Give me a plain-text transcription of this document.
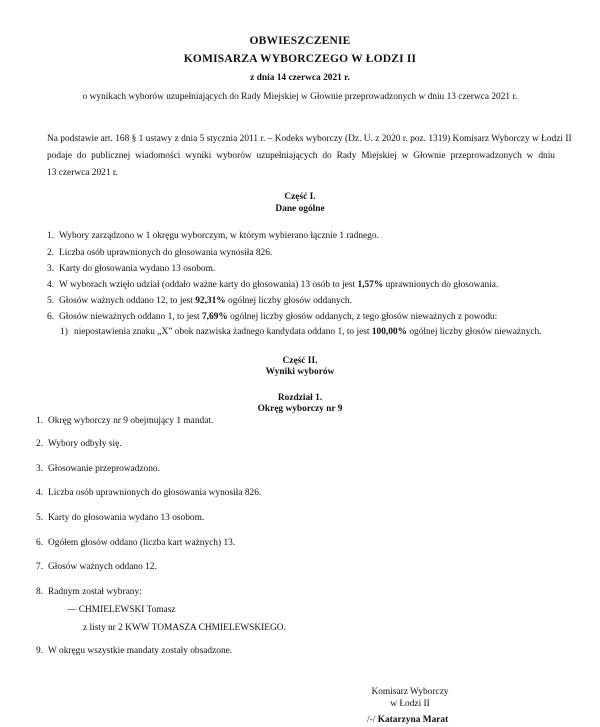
OBWIESZCZENIE
KOMISARZA WYBORCZEGO W ŁODZI II
z dnia 14 czerwca 2021 r.
o wynikach wyborów uzupełniających do Rady Miejskiej w Głownie przeprowadzonych w dniu 13 czerwca 2021 r.
Na podstawie art. 168 § 1 ustawy z dnia 5 stycznia 2011 r. – Kodeks wyborczy (Dz. U. z 2020 r. poz. 1319) Komisarz Wyborczy w Łodzi II
podaje do publicznej wiadomości wyniki wyborów uzupełniających do Rady Miejskiej w Głownie przeprowadzonych w dniu
13 czerwca 2021 r.
Część I.
Dane ogólne
1. Wybory zarządzono w 1 okręgu wyborczym, w którym wybierano łącznie 1 radnego.
2. Liczba osób uprawnionych do głosowania wynosiła 826.
3. Karty do głosowania wydano 13 osobom.
4. W wyborach wzięło udział (oddało ważne karty do głosowania) 13 osób to jest 1,57% uprawnionych do głosowania.
5. Głosów ważnych oddano 12, to jest 92,31% ogólnej liczby głosów oddanych.
6. Głosów nieważnych oddano 1, to jest 7,69% ogólnej liczby głosów oddanych, z tego głosów nieważnych z powodu:
1) niepostawienia znaku „X” obok nazwiska żadnego kandydata oddano 1, to jest 100,00% ogólnej liczby głosów nieważnych.
Część II.
Wyniki wyborów
Rozdział 1.
Okręg wyborczy nr 9
1. Okręg wyborczy nr 9 obejmujący 1 mandat.
2. Wybory odbyły się.
3. Głosowanie przeprowadzono.
4. Liczba osób uprawnionych do głosowania wynosiła 826.
5. Karty do głosowania wydano 13 osobom.
6. Ogółem głosów oddano (liczba kart ważnych) 13.
7. Głosów ważnych oddano 12.
8. Radnym został wybrany:
— CHMIELEWSKI Tomasz
z listy nr 2 KWW TOMASZA CHMIELEWSKIEGO.
9. W okręgu wszystkie mandaty zostały obsadzone.
Komisarz Wyborczy
w Łodzi II
/-/ Katarzyna Marat
